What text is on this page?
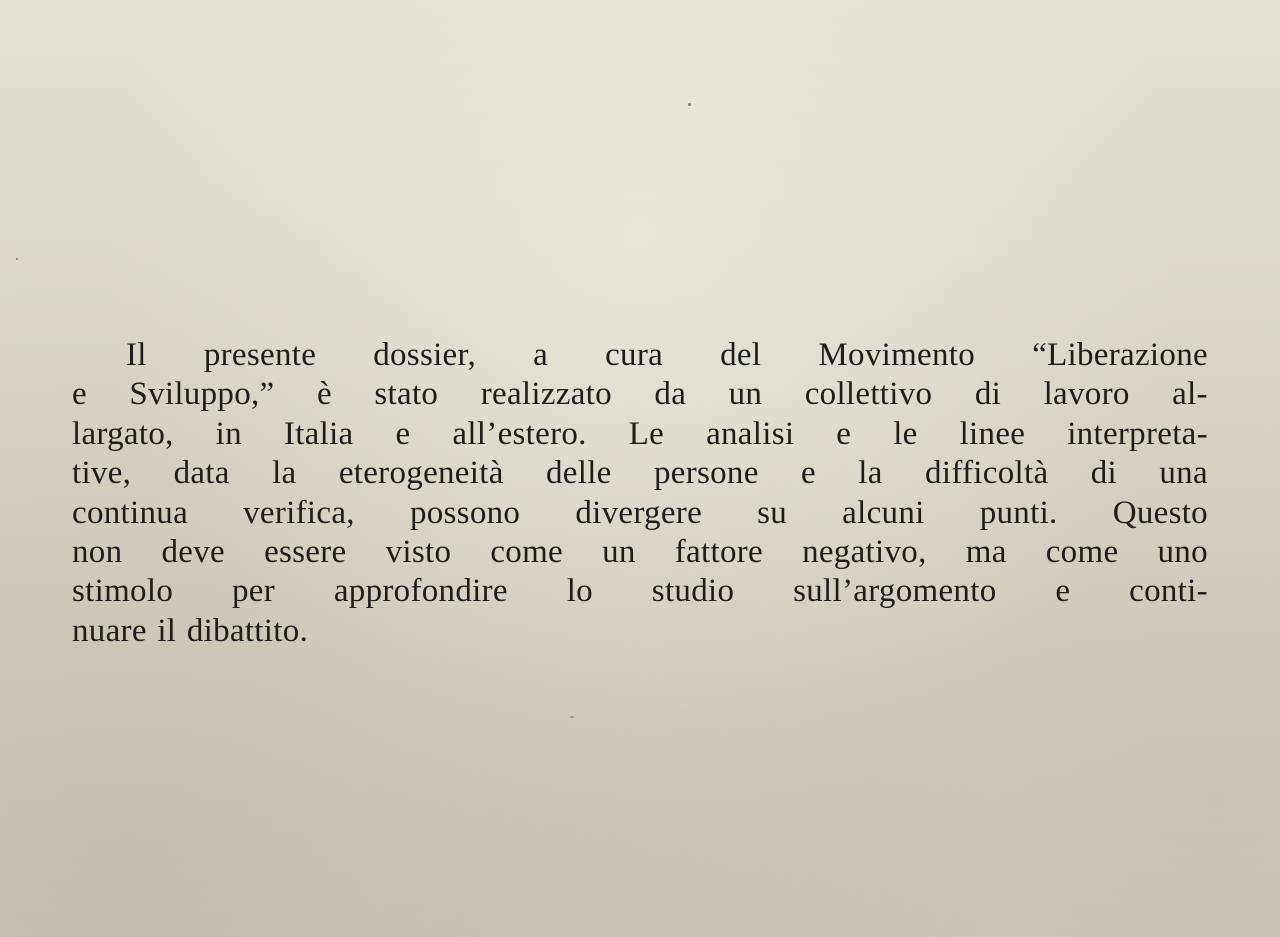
Il presente dossier, a cura del Movimento “Liberazione
e Sviluppo,” è stato realizzato da un collettivo di lavoro al-
largato, in Italia e all’estero. Le analisi e le linee interpreta-
tive, data la eterogeneità delle persone e la difficoltà di una
continua verifica, possono divergere su alcuni punti. Questo
non deve essere visto come un fattore negativo, ma come uno
stimolo per approfondire lo studio sull’argomento e conti-
nuare il dibattito.
